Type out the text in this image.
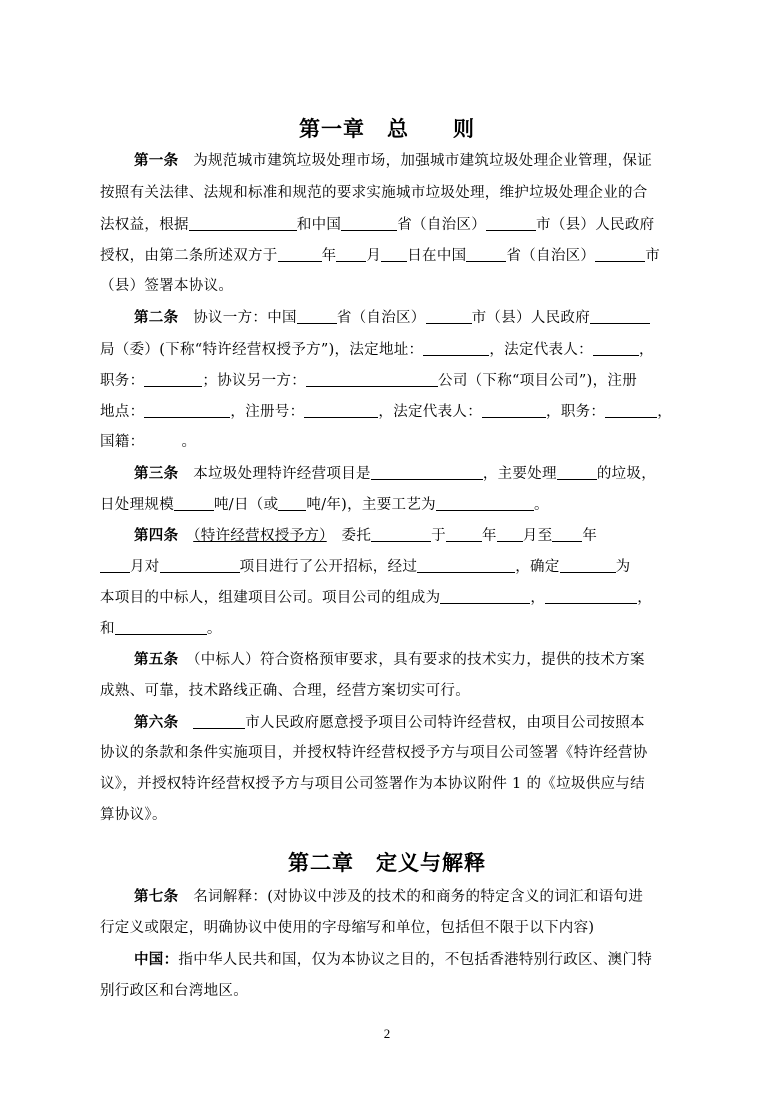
第一章　总　　则
第一条　为规范城市建筑垃圾处理市场，加强城市建筑垃圾处理企业管理，保证
按照有关法律、法规和标准和规范的要求实施城市垃圾处理，维护垃圾处理企业的合
法权益，根据	和中国	省（自治区）	市（县）人民政府
授权，由第二条所述双方于	年 月 日在中国	省（自治区）	市
（县）签署本协议。
第二条　协议一方：中国	省（自治区）	市（县）人民政府
局（委）(下称“特许经营权授予方”)，法定地址：	，法定代表人：	，
职务：	；协议另一方：	公司（下称“项目公司”)，注册
地点：	，注册号：	，法定代表人：	，职务：	，
国籍：　　　。
第三条　本垃圾处理特许经营项目是	，主要处理	的垃圾，
日处理规模	吨/日（或 吨/年)，主要工艺为	。
第四条　 （特许经营权授予方）　 委托	于 年 月至 年
月对	项目进行了公开招标，经过	，确定	为
本项目的中标人，组建项目公司。项目公司的组成为	，	，
和	。
第五条　（中标人）符合资格预审要求，具有要求的技术实力，提供的技术方案
成熟、可靠，技术路线正确、合理，经营方案切实可行。
第六条　	市人民政府愿意授予项目公司特许经营权，由项目公司按照本
协议的条款和条件实施项目，并授权特许经营权授予方与项目公司签署《特许经营协
议》，并授权特许经营权授予方与项目公司签署作为本协议附件 1 的《垃圾供应与结
算协议》。
第二章　定义与解释
第七条　名词解释：(对协议中涉及的技术的和商务的特定含义的词汇和语句进
行定义或限定，明确协议中使用的字母缩写和单位，包括但不限于以下内容)
中国：指中华人民共和国，仅为本协议之目的，不包括香港特别行政区、澳门特
别行政区和台湾地区。
2
